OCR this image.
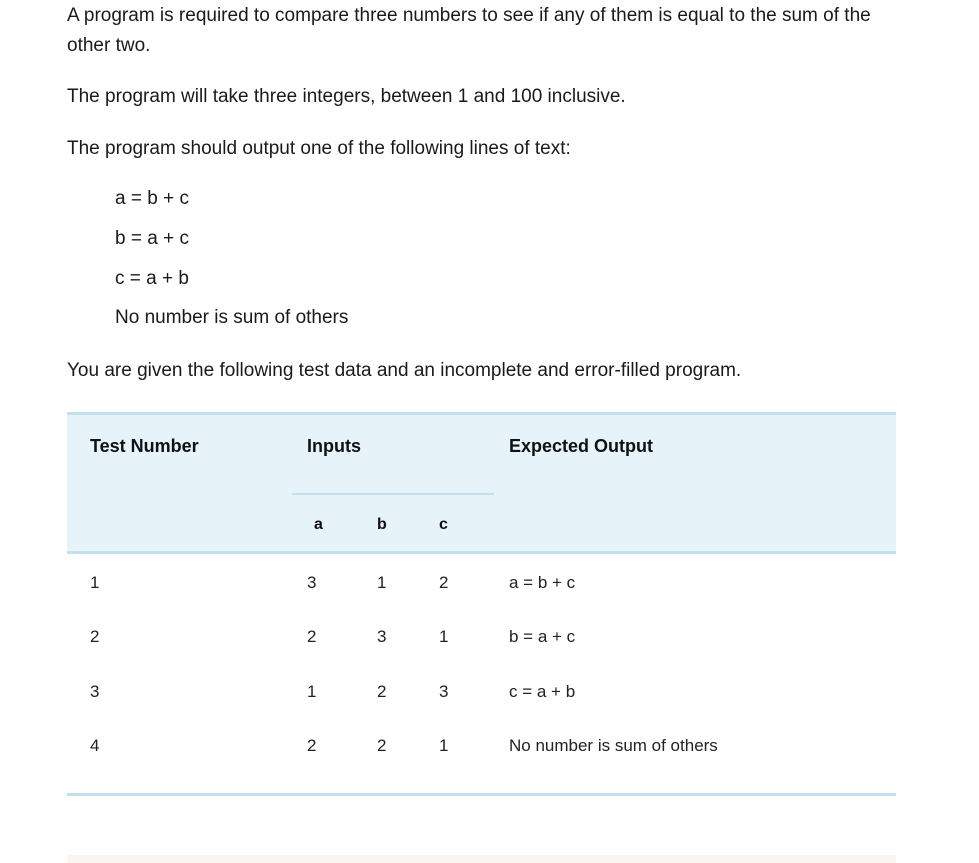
A program is required to compare three numbers to see if any of them is equal to the sum of the other two.

The program will take three integers, between 1 and 100 inclusive.

The program should output one of the following lines of text:

a = b + c

b = a + c

c = a + b

No number is sum of others

You are given the following test data and an incomplete and error-filled program.

Test Number	Inputs	Expected Output
a	b	c
1	3	1	2	a = b + c
2	2	3	1	b = a + c
3	1	2	3	c = a + b
4	2	2	1	No number is sum of others
